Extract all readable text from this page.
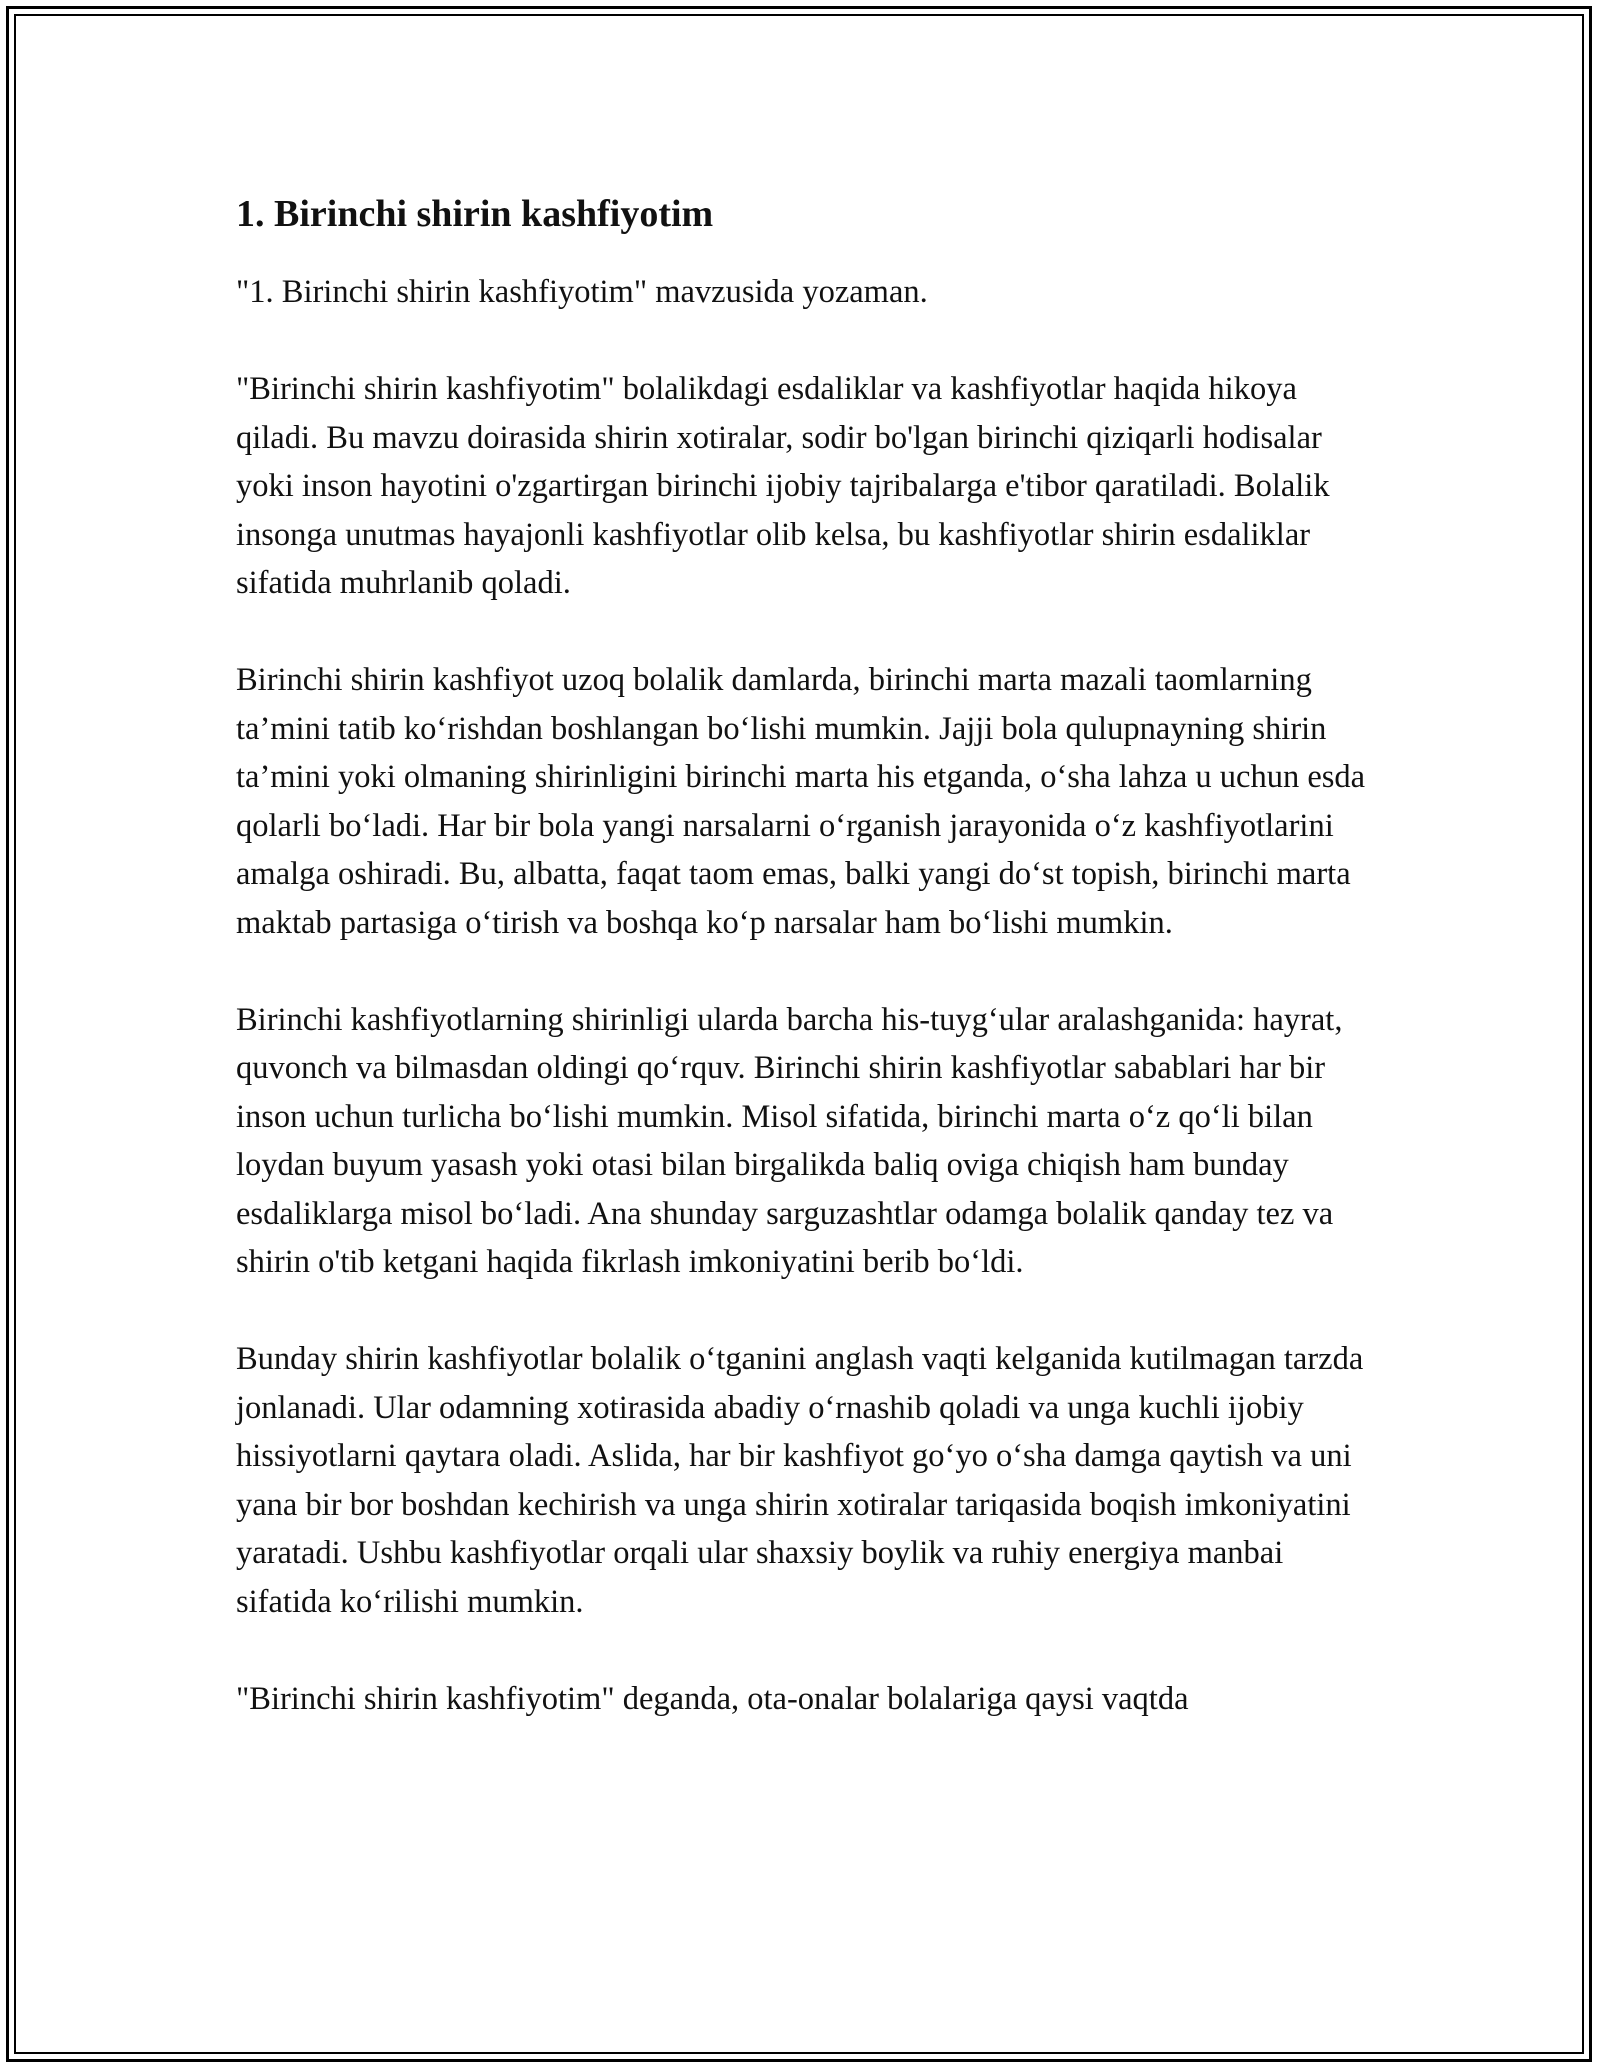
1. Birinchi shirin kashfiyotim

"1. Birinchi shirin kashfiyotim" mavzusida yozaman.

"Birinchi shirin kashfiyotim" bolalikdagi esdaliklar va kashfiyotlar haqida hikoya qiladi. Bu mavzu doirasida shirin xotiralar, sodir bo'lgan birinchi qiziqarli hodisalar yoki inson hayotini o'zgartirgan birinchi ijobiy tajribalarga e'tibor qaratiladi. Bolalik insonga unutmas hayajonli kashfiyotlar olib kelsa, bu kashfiyotlar shirin esdaliklar sifatida muhrlanib qoladi.

Birinchi shirin kashfiyot uzoq bolalik damlarda, birinchi marta mazali taomlarning ta’mini tatib ko‘rishdan boshlangan bo‘lishi mumkin. Jajji bola qulupnayning shirin ta’mini yoki olmaning shirinligini birinchi marta his etganda, o‘sha lahza u uchun esda qolarli bo‘ladi. Har bir bola yangi narsalarni o‘rganish jarayonida o‘z kashfiyotlarini amalga oshiradi. Bu, albatta, faqat taom emas, balki yangi do‘st topish, birinchi marta maktab partasiga o‘tirish va boshqa ko‘p narsalar ham bo‘lishi mumkin.

Birinchi kashfiyotlarning shirinligi ularda barcha his-tuyg‘ular aralashganida: hayrat, quvonch va bilmasdan oldingi qo‘rquv. Birinchi shirin kashfiyotlar sabablari har bir inson uchun turlicha bo‘lishi mumkin. Misol sifatida, birinchi marta o‘z qo‘li bilan loydan buyum yasash yoki otasi bilan birgalikda baliq oviga chiqish ham bunday esdaliklarga misol bo‘ladi. Ana shunday sarguzashtlar odamga bolalik qanday tez va shirin o'tib ketgani haqida fikrlash imkoniyatini berib bo‘ldi.

Bunday shirin kashfiyotlar bolalik o‘tganini anglash vaqti kelganida kutilmagan tarzda jonlanadi. Ular odamning xotirasida abadiy o‘rnashib qoladi va unga kuchli ijobiy hissiyotlarni qaytara oladi. Aslida, har bir kashfiyot go‘yo o‘sha damga qaytish va uni yana bir bor boshdan kechirish va unga shirin xotiralar tariqasida boqish imkoniyatini yaratadi. Ushbu kashfiyotlar orqali ular shaxsiy boylik va ruhiy energiya manbai sifatida ko‘rilishi mumkin.

"Birinchi shirin kashfiyotim" deganda, ota-onalar bolalariga qaysi vaqtda
